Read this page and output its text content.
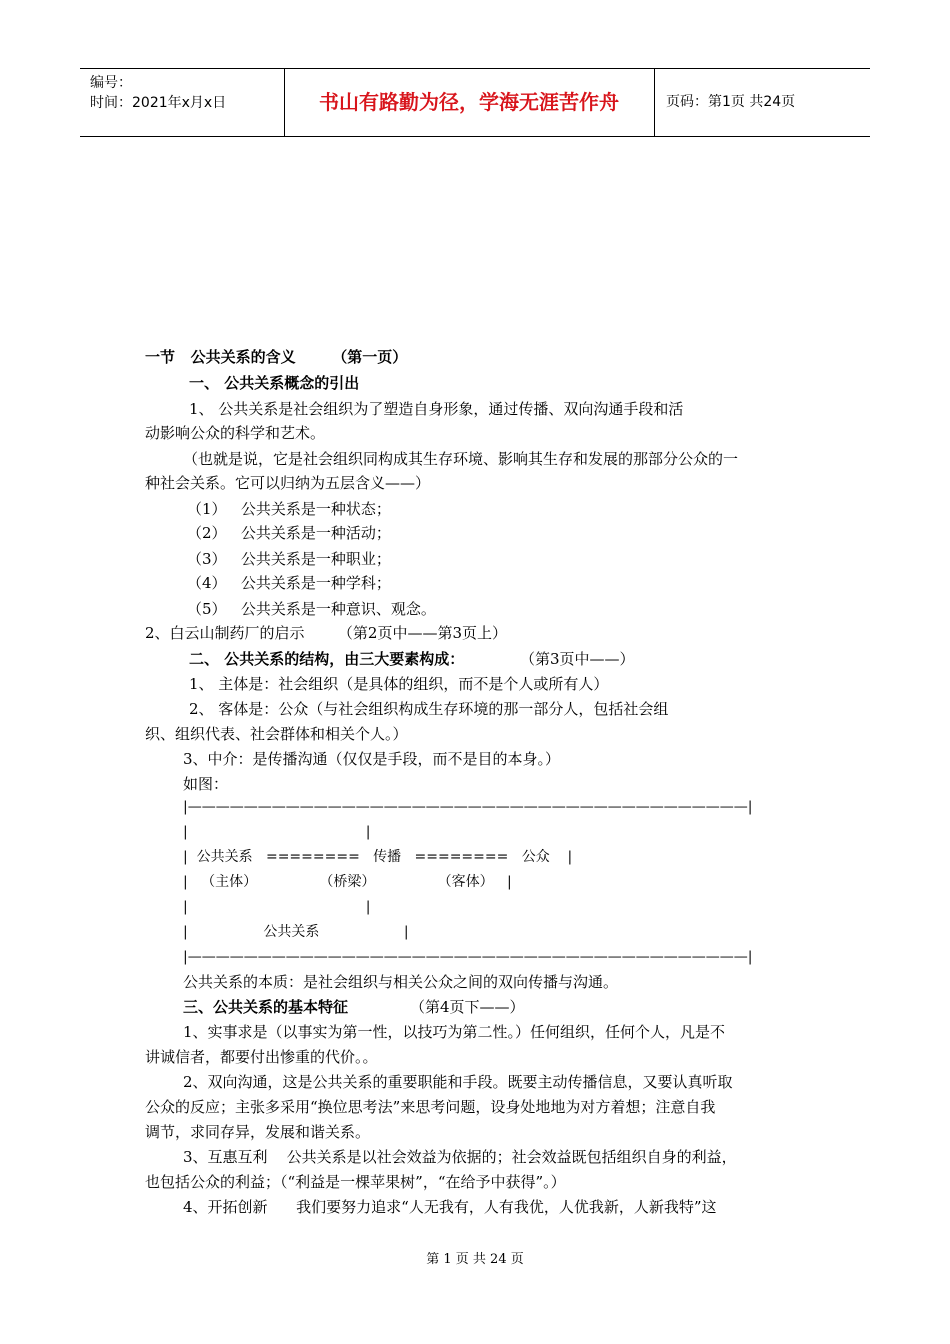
编号：
时间：2021年x月x日	书山有路勤为径，学海无涯苦作舟	页码：第1页 共24页
一节   公共关系的含义       （第一页）
一、 公共关系概念的引出
1、 公共关系是社会组织为了塑造自身形象，通过传播、双向沟通手段和活
动影响公众的科学和艺术。
（也就是说，它是社会组织同构成其生存环境、影响其生存和发展的那部分公众的一
种社会关系。它可以归纳为五层含义——）
（1）   公共关系是一种状态；
（2）   公共关系是一种活动；
（3）   公共关系是一种职业；
（4）   公共关系是一种学科；
（5）   公共关系是一种意识、观念。
2、白云山制药厂的启示       （第2页中——第3页上）
二、 公共关系的结构，由三大要素构成：	（第3页中——）
1、 主体是：社会组织（是具体的组织，而不是个人或所有人）
2、 客体是：公众（与社会组织构成生存环境的那一部分人，包括社会组
织、组织代表、社会群体和相关个人。）
3、中介：是传播沟通（仅仅是手段，而不是目的本身。）
如图：
|————————————————————————————————————————|
|                                        |
|  公共关系   ========   传播   ========   公众    |
|   （主体）              （桥梁）              （客体）   |
|                                        |
|                 公共关系                   |
|————————————————————————————————————————|
公共关系的本质：是社会组织与相关公众之间的双向传播与沟通。
三、公共关系的基本特征	（第4页下——）
1、实事求是（以事实为第一性，以技巧为第二性。）任何组织，任何个人，凡是不
讲诚信者，都要付出惨重的代价。。
2、双向沟通，这是公共关系的重要职能和手段。既要主动传播信息，又要认真听取
公众的反应；主张多采用“换位思考法”来思考问题，设身处地地为对方着想；注意自我
调节，求同存异，发展和谐关系。
3、互惠互利    公共关系是以社会效益为依据的；社会效益既包括组织自身的利益，
也包括公众的利益；（“利益是一棵苹果树”，“在给予中获得”。）
4、开拓创新      我们要努力追求“人无我有，人有我优，人优我新，人新我特”这
第 1 页 共 24 页
